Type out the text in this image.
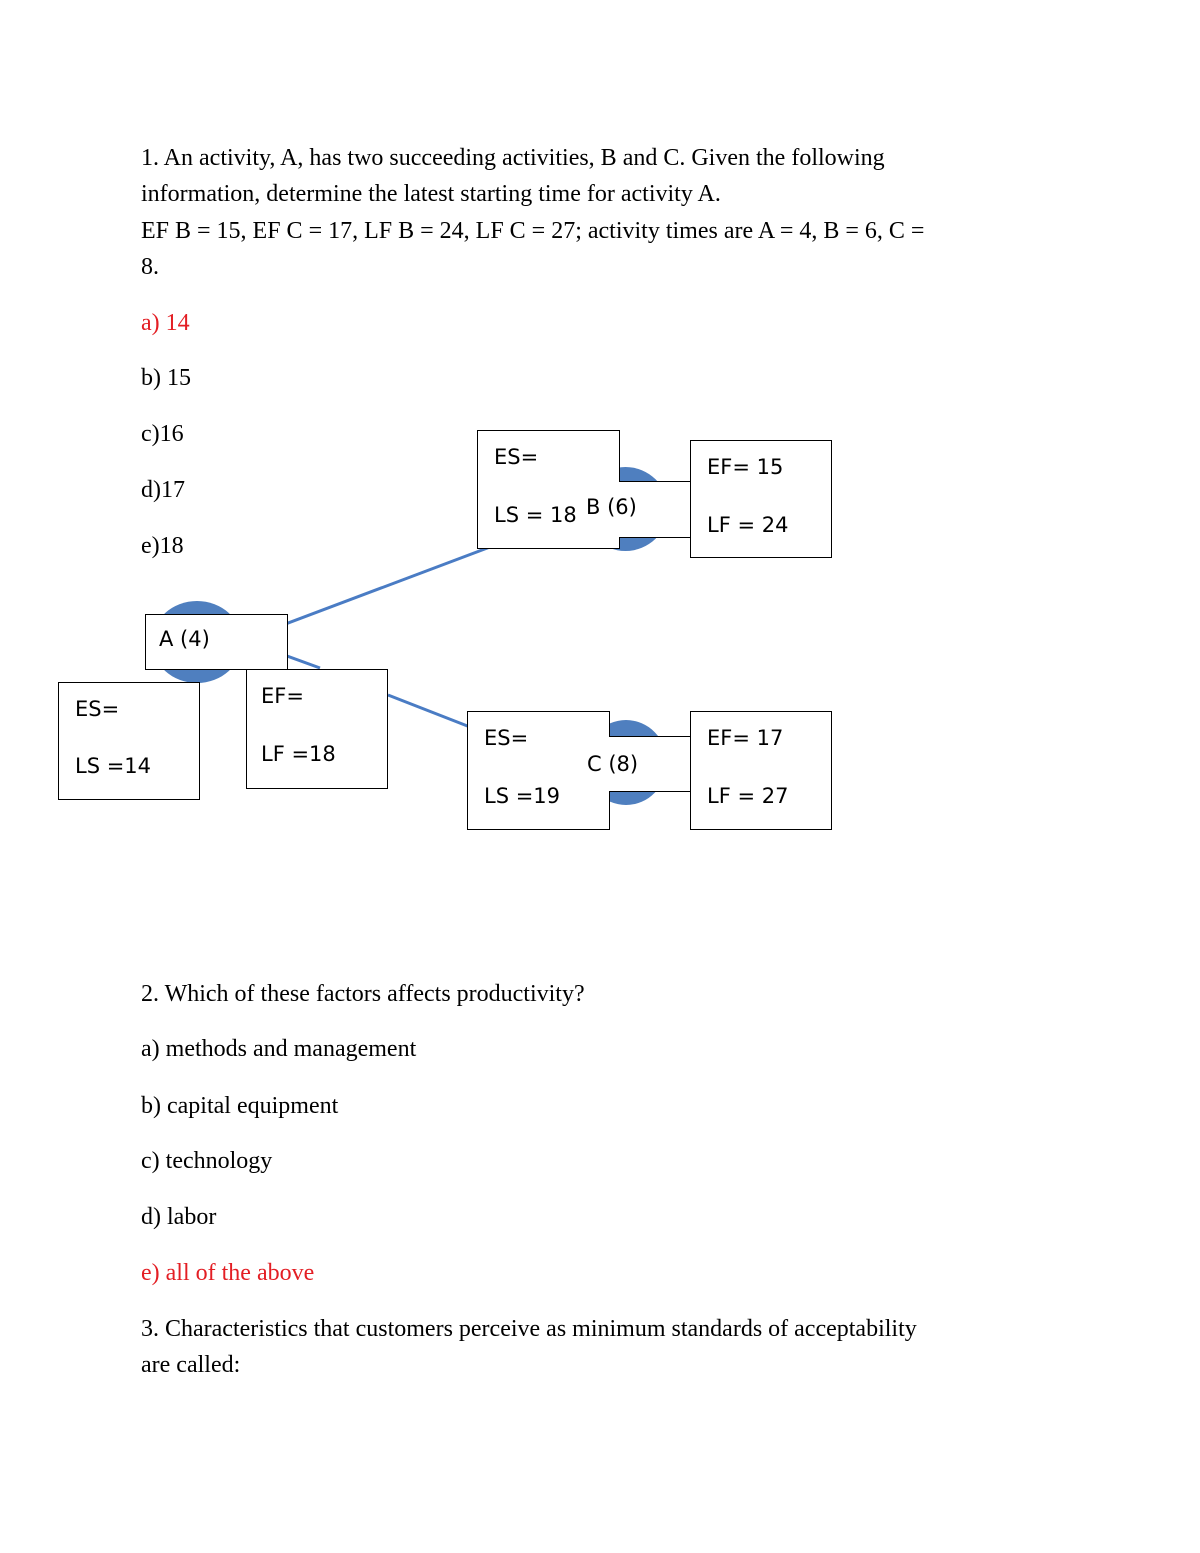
1. An activity, A, has two succeeding activities, B and C. Given the following
information, determine the latest starting time for activity A.
EF B = 15, EF C = 17, LF B = 24, LF C = 27; activity times are A = 4, B = 6, C =
8.
a) 14
b) 15
c)16
d)17
e)18
A (4)
ES=
LS =14
EF=
LF =18
ES=
LS = 18 B (6)
EF= 15
LF = 24
ES=
LS =19
C (8)
EF= 17
LF = 27
2. Which of these factors affects productivity?
a) methods and management
b) capital equipment
c) technology
d) labor
e) all of the above
3. Characteristics that customers perceive as minimum standards of acceptability
are called:
